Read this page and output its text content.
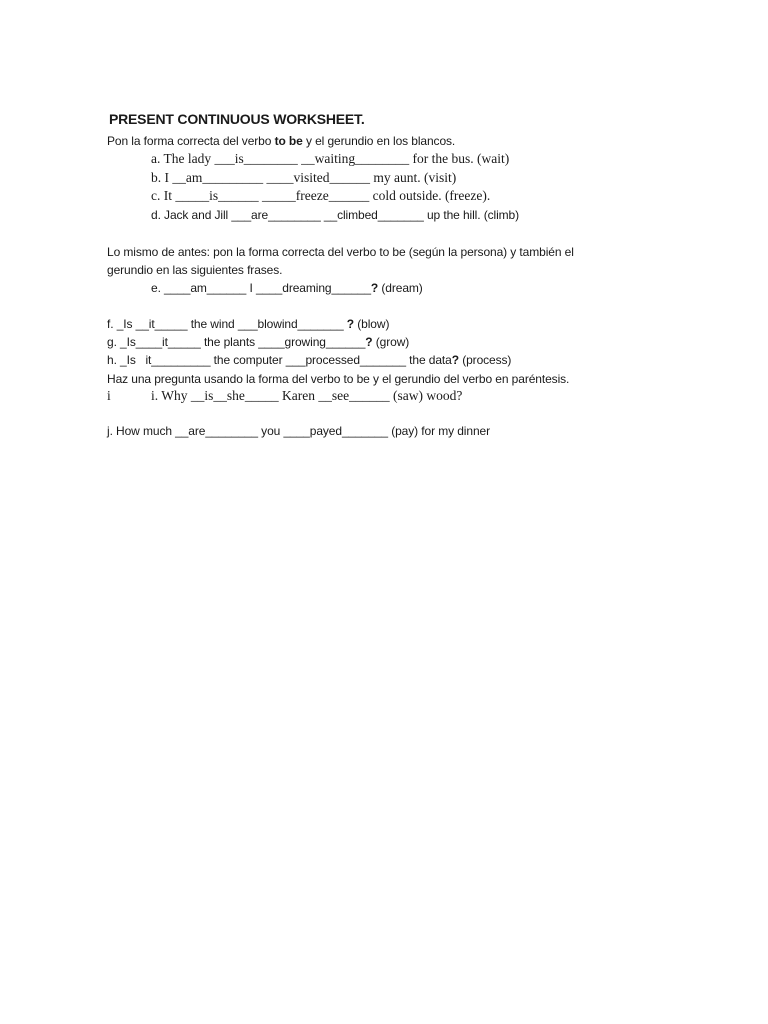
PRESENT CONTINUOUS WORKSHEET.
Pon la forma correcta del verbo to be y el gerundio en los blancos.
a. The lady ___is________ __waiting________ for the bus. (wait)
b. I __am_________ ____visited______ my aunt. (visit)
c. It _____is______ _____freeze______ cold outside. (freeze).
d. Jack and Jill ___are________ __climbed_______ up the hill. (climb)
Lo mismo de antes: pon la forma correcta del verbo to be (según la persona) y también el
gerundio en las siguientes frases.
e. ____am______ I ____dreaming______? (dream)
f. _Is __it_____ the wind ___blowind_______ ? (blow)
g. _Is____it_____ the plants ____growing______? (grow)
h. _Is   it_________ the computer ___processed_______ the data? (process)
Haz una pregunta usando la forma del verbo to be y el gerundio del verbo en paréntesis.
i	i. Why __is__she_____ Karen __see______ (saw) wood?
j. How much __are________ you ____payed_______ (pay) for my dinner
